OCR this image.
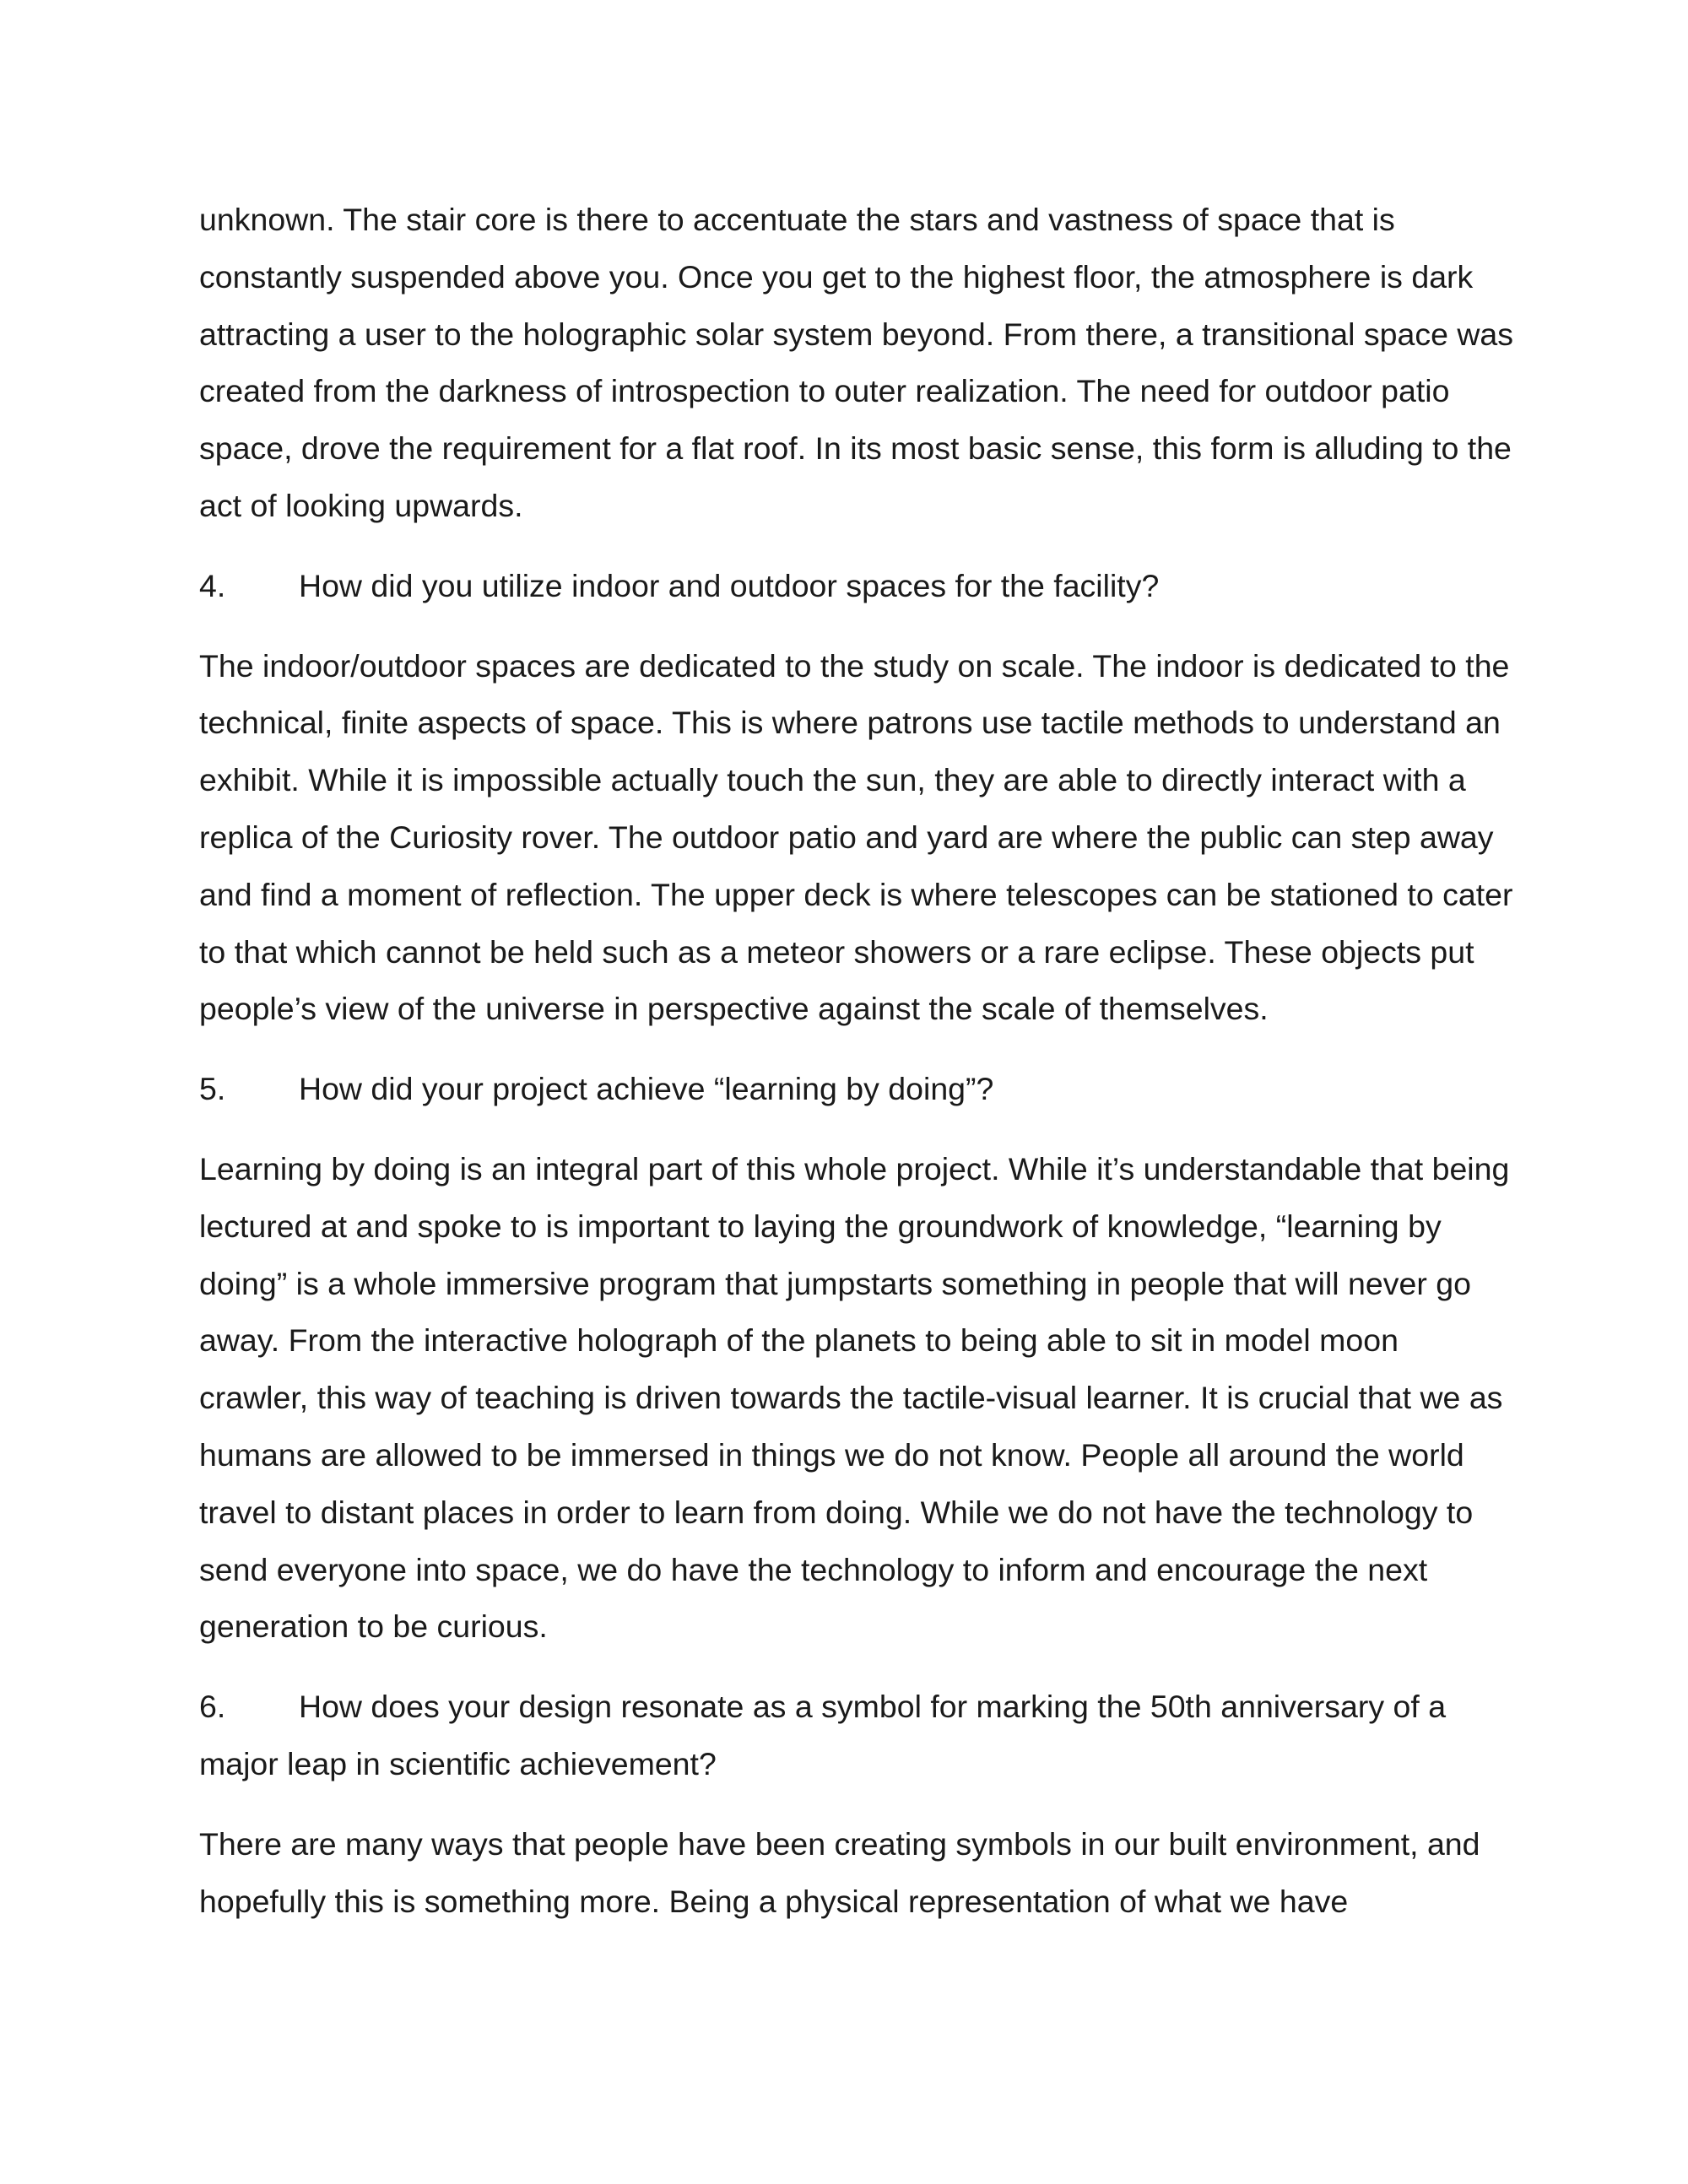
unknown. The stair core is there to accentuate the stars and vastness of space that is constantly suspended above you. Once you get to the highest floor, the atmosphere is dark attracting a user to the holographic solar system beyond. From there, a transitional space was created from the darkness of introspection to outer realization. The need for outdoor patio space, drove the requirement for a flat roof. In its most basic sense, this form is alluding to the act of looking upwards.

4.	How did you utilize indoor and outdoor spaces for the facility?

The indoor/outdoor spaces are dedicated to the study on scale. The indoor is dedicated to the technical, finite aspects of space. This is where patrons use tactile methods to understand an exhibit. While it is impossible actually touch the sun, they are able to directly interact with a replica of the Curiosity rover. The outdoor patio and yard are where the public can step away and find a moment of reflection. The upper deck is where telescopes can be stationed to cater to that which cannot be held such as a meteor showers or a rare eclipse. These objects put people’s view of the universe in perspective against the scale of themselves.

5.	How did your project achieve “learning by doing”?

Learning by doing is an integral part of this whole project. While it’s understandable that being lectured at and spoke to is important to laying the groundwork of knowledge, “learning by doing” is a whole immersive program that jumpstarts something in people that will never go away. From the interactive holograph of the planets to being able to sit in model moon crawler, this way of teaching is driven towards the tactile-visual learner. It is crucial that we as humans are allowed to be immersed in things we do not know. People all around the world travel to distant places in order to learn from doing. While we do not have the technology to send everyone into space, we do have the technology to inform and encourage the next generation to be curious.

6. How does your design resonate as a symbol for marking the 50th anniversary of a major leap in scientific achievement?

There are many ways that people have been creating symbols in our built environment, and hopefully this is something more. Being a physical representation of what we have
